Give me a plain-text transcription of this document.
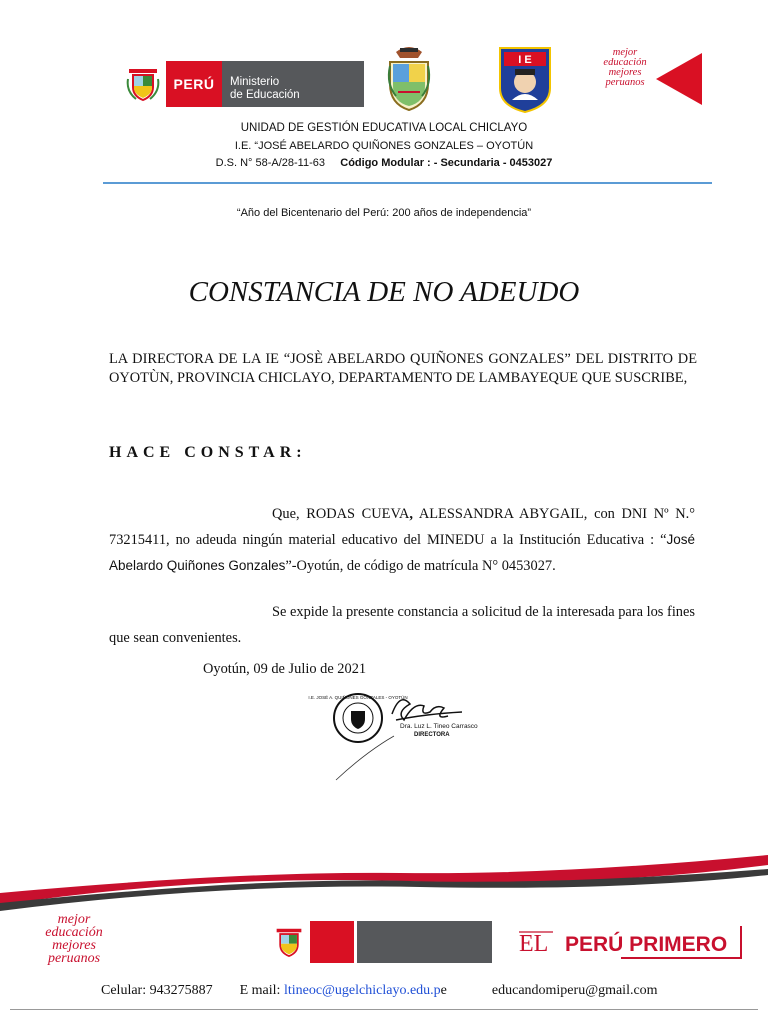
PERÚ	Ministerio
de Educación
I E
mejor
educación
mejores
peruanos
UNIDAD DE GESTIÓN EDUCATIVA LOCAL CHICLAYO
I.E. “JOSÉ ABELARDO QUIÑONES GONZALES – OYOTÚN
D.S. N° 58-A/28-11-63 Código Modular : - Secundaria - 0453027
“Año del Bicentenario del Perú: 200 años de independencia”
CONSTANCIA DE NO ADEUDO
LA DIRECTORA DE LA IE “JOSÈ ABELARDO QUIÑONES GONZALES” DEL DISTRITO DE OYOTÙN, PROVINCIA CHICLAYO, DEPARTAMENTO DE LAMBAYEQUE QUE SUSCRIBE,
HACE CONSTAR:
Que, RODAS CUEVA, ALESSANDRA ABYGAIL, con DNI Nº N.° 73215411, no adeuda ningún material educativo del MINEDU a la Institución Educativa : “José Abelardo Quiñones Gonzales”-Oyotún, de código de matrícula N° 0453027.
Se expide la presente constancia a solicitud de la interesada para los fines que sean convenientes.
Oyotún, 09 de Julio de 2021
I.E. JOSÉ A. QUIÑONES GONZALES - OYOTÚN
Dra. Luz L. Tineo Carrasco
DIRECTORA
mejor
educación
mejores
peruanos
EL PERÚ PRIMERO
Celular: 943275887 E mail: ltineoc@ugelchiclayo.edu.pe	educandomiperu@gmail.com
